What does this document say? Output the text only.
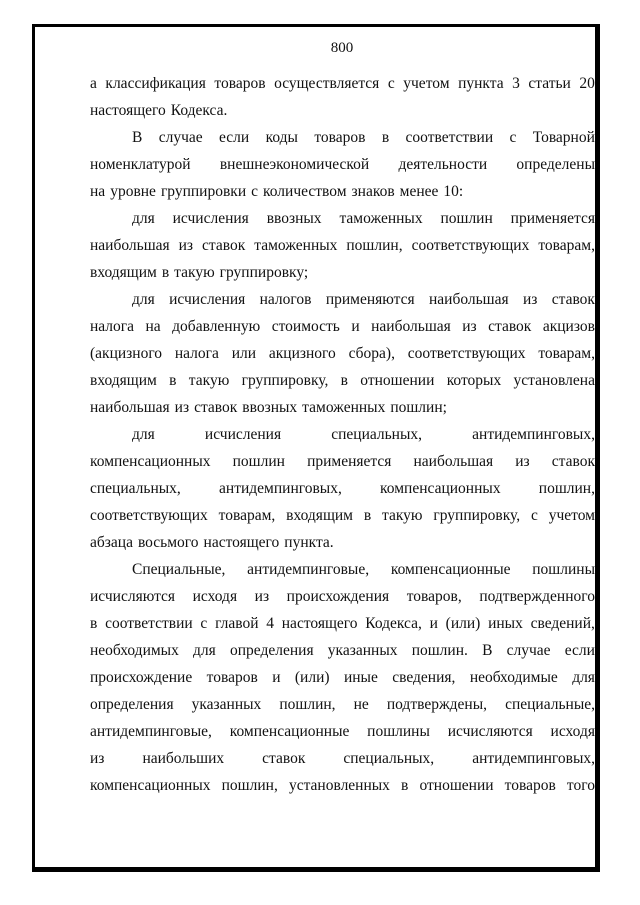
800
а классификация товаров осуществляется с учетом пункта 3 статьи 20
настоящего Кодекса.
В случае если коды товаров в соответствии с Товарной
номенклатурой внешнеэкономической деятельности определены
на уровне группировки с количеством знаков менее 10:
для исчисления ввозных таможенных пошлин применяется
наибольшая из ставок таможенных пошлин, соответствующих товарам,
входящим в такую группировку;
для исчисления налогов применяются наибольшая из ставок
налога на добавленную стоимость и наибольшая из ставок акцизов
(акцизного налога или акцизного сбора), соответствующих товарам,
входящим в такую группировку, в отношении которых установлена
наибольшая из ставок ввозных таможенных пошлин;
для	исчисления	специальных,	антидемпинговых,
компенсационных пошлин применяется наибольшая из ставок
специальных, антидемпинговых, компенсационных пошлин,
соответствующих товарам, входящим в такую группировку, с учетом
абзаца восьмого настоящего пункта.
Специальные, антидемпинговые, компенсационные пошлины
исчисляются исходя из происхождения товаров, подтвержденного
в соответствии с главой 4 настоящего Кодекса, и (или) иных сведений,
необходимых для определения указанных пошлин. В случае если
происхождение товаров и (или) иные сведения, необходимые для
определения указанных пошлин, не подтверждены, специальные,
антидемпинговые, компенсационные пошлины исчисляются исходя
из наибольших ставок специальных, антидемпинговых,
компенсационных пошлин, установленных в отношении товаров того
